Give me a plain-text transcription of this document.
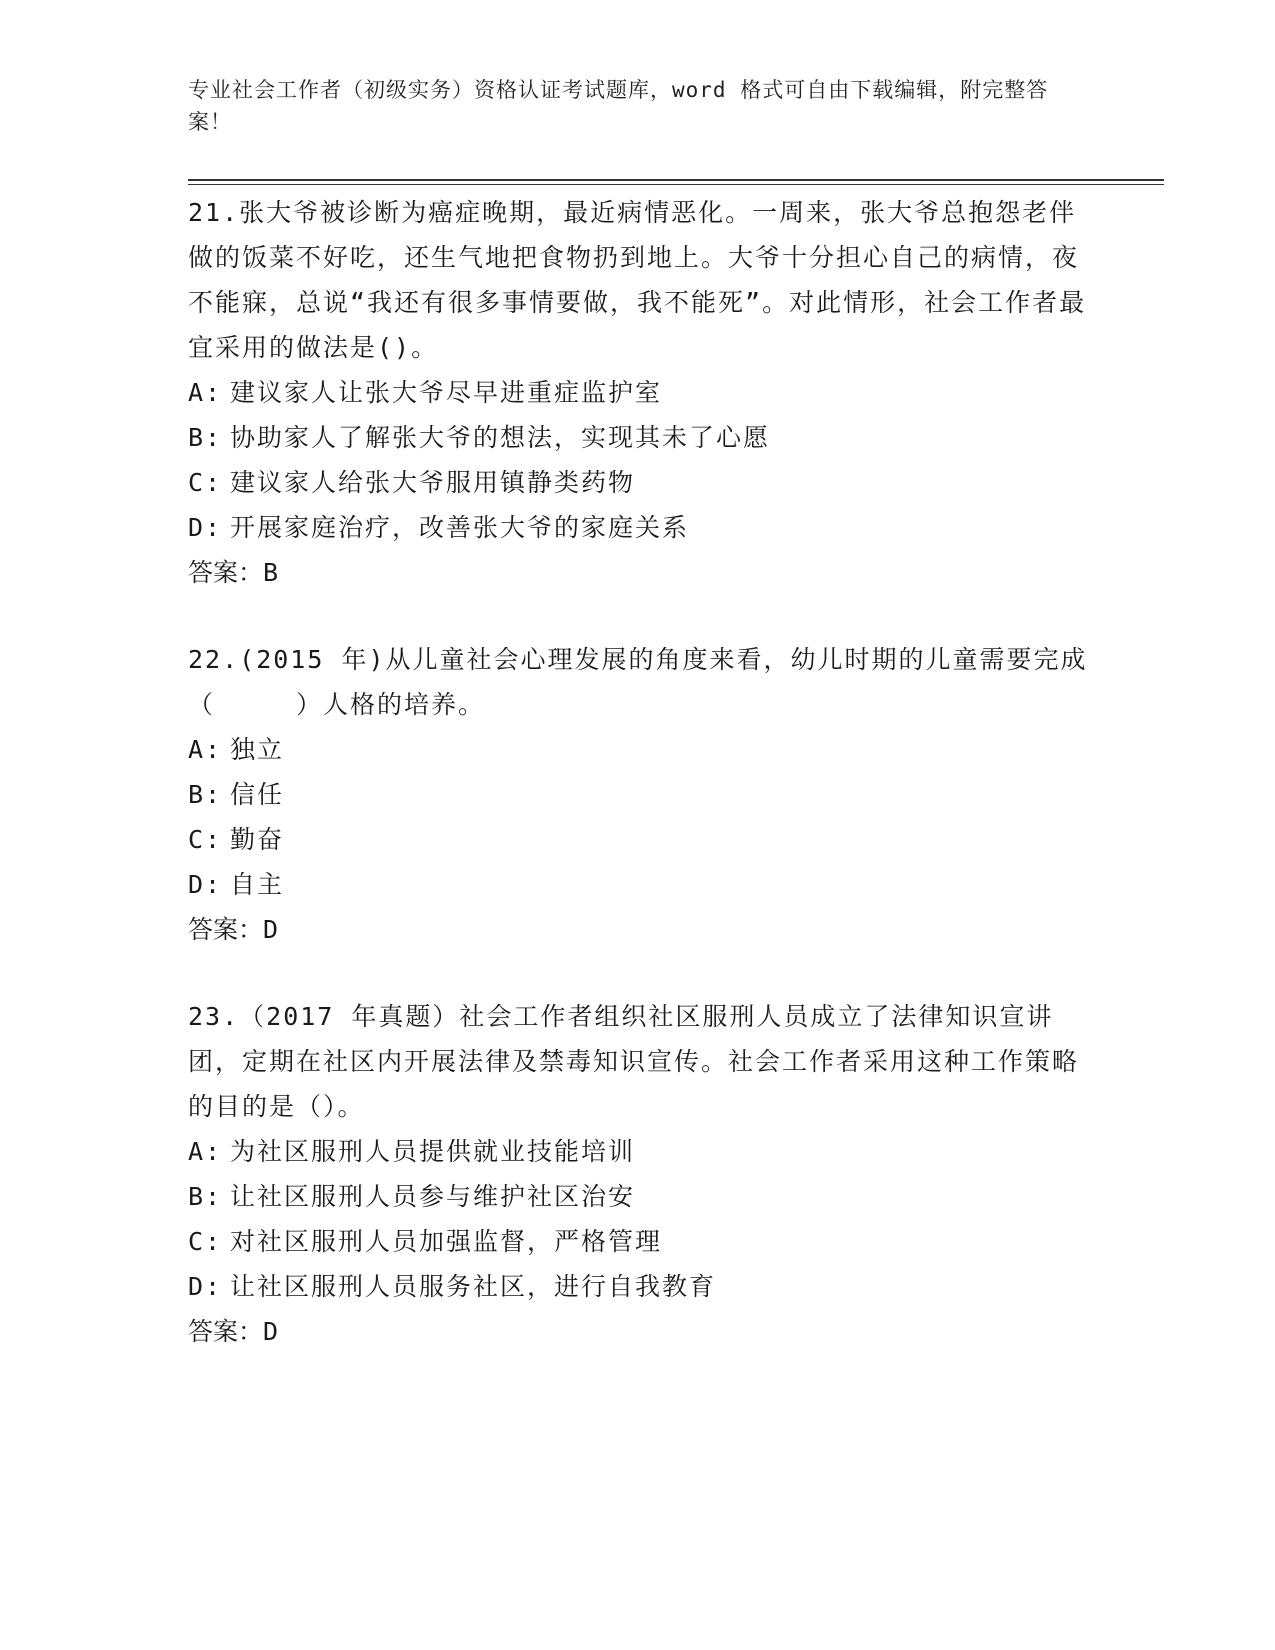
专业社会工作者（初级实务）资格认证考试题库，word 格式可自由下载编辑，附完整答案！

21.张大爷被诊断为癌症晚期，最近病情恶化。一周来，张大爷总抱怨老伴做的饭菜不好吃，还生气地把食物扔到地上。大爷十分担心自己的病情，夜不能寐，总说“我还有很多事情要做，我不能死”。对此情形，社会工作者最宜采用的做法是()。

A: 建议家人让张大爷尽早进重症监护室

B: 协助家人了解张大爷的想法，实现其未了心愿

C: 建议家人给张大爷服用镇静类药物

D: 开展家庭治疗，改善张大爷的家庭关系

答案：B

22.(2015 年)从儿童社会心理发展的角度来看，幼儿时期的儿童需要完成（　　　）人格的培养。

A: 独立

B: 信任

C: 勤奋

D: 自主

答案：D

23.（2017 年真题）社会工作者组织社区服刑人员成立了法律知识宣讲团，定期在社区内开展法律及禁毒知识宣传。社会工作者采用这种工作策略的目的是（）。

A: 为社区服刑人员提供就业技能培训

B: 让社区服刑人员参与维护社区治安

C: 对社区服刑人员加强监督，严格管理

D: 让社区服刑人员服务社区，进行自我教育

答案：D
